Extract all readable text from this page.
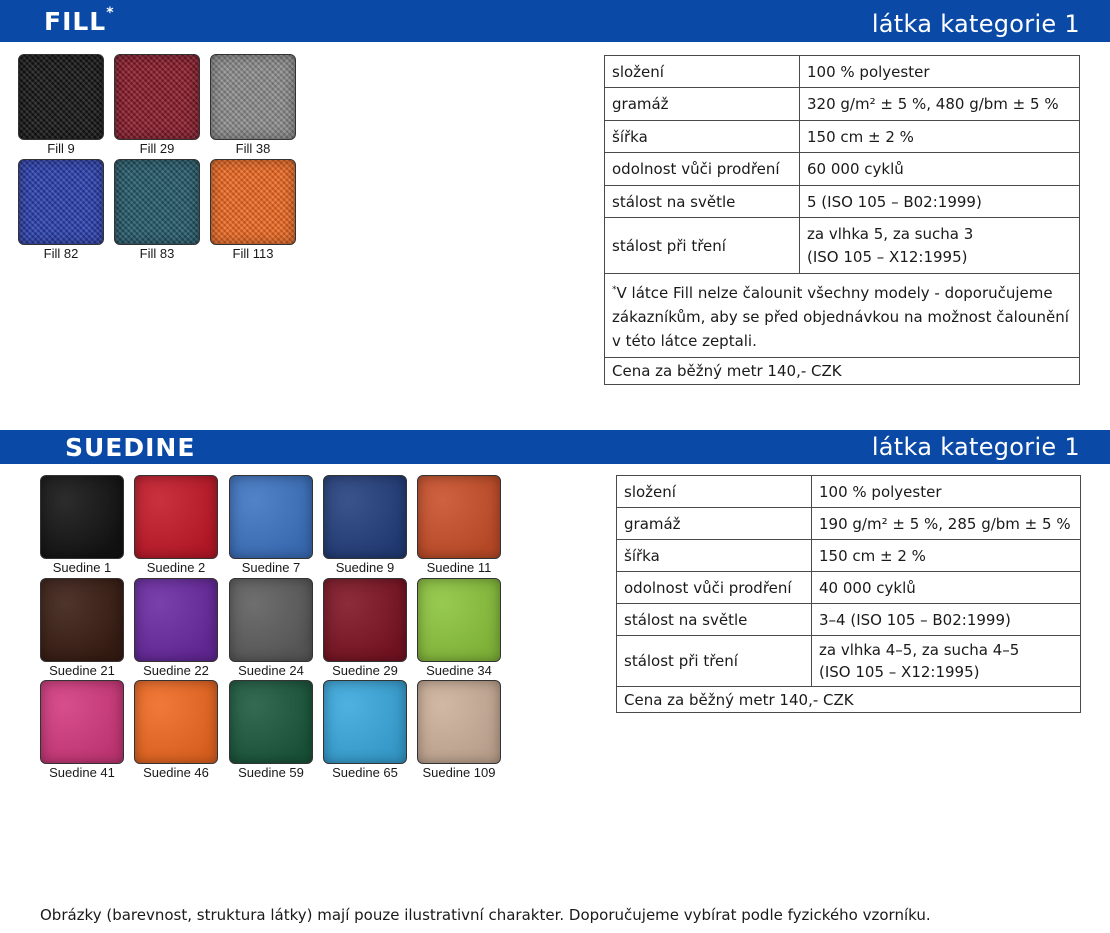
FILL*	látka kategorie 1
Fill 9	Fill 29	Fill 38
Fill 82	Fill 83	Fill 113
složení	100 % polyester
gramáž	320 g/m² ± 5 %, 480 g/bm ± 5 %
šířka	150 cm ± 2 %
odolnost vůči prodření	60 000 cyklů
stálost na světle	5 (ISO 105 – B02:1999)
stálost při tření	za vlhka 5, za sucha 3
(ISO 105 – X12:1995)

*V látce Fill nelze čalounit všechny modely - doporučujeme zákazníkům, aby se před objednávkou na možnost čalounění v této látce zeptali.	
Cena za běžný metr 140,- CZK	
SUEDINE	látka kategorie 1
Suedine 1	Suedine 2	Suedine 7	Suedine 9	Suedine 11
Suedine 21	Suedine 22	Suedine 24	Suedine 29	Suedine 34
Suedine 41	Suedine 46	Suedine 59	Suedine 65	Suedine 109
složení	100 % polyester
gramáž	190 g/m² ± 5 %, 285 g/bm ± 5 %
šířka	150 cm ± 2 %
odolnost vůči prodření	40 000 cyklů
stálost na světle	3–4 (ISO 105 – B02:1999)
stálost při tření	za vlhka 4–5, za sucha 4–5
(ISO 105 – X12:1995)

Cena za běžný metr 140,- CZK	
Obrázky (barevnost, struktura látky) mají pouze ilustrativní charakter. Doporučujeme vybírat podle fyzického vzorníku.
